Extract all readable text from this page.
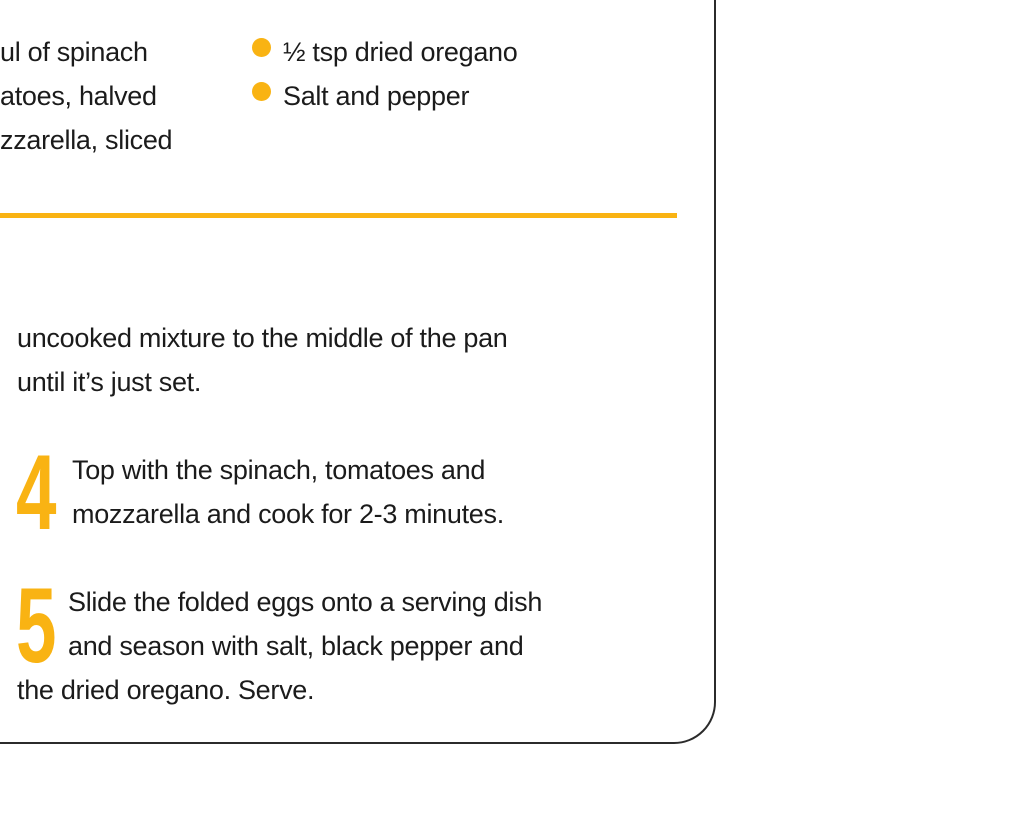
ul of spinach
atoes, halved
zzarella, sliced
½ tsp dried oregano
Salt and pepper
uncooked mixture to the middle of the pan
until it’s just set.
4 Top with the spinach, tomatoes and
mozzarella and cook for 2-3 minutes.
5 Slide the folded eggs onto a serving dish
and season with salt, black pepper and
the dried oregano. Serve.
